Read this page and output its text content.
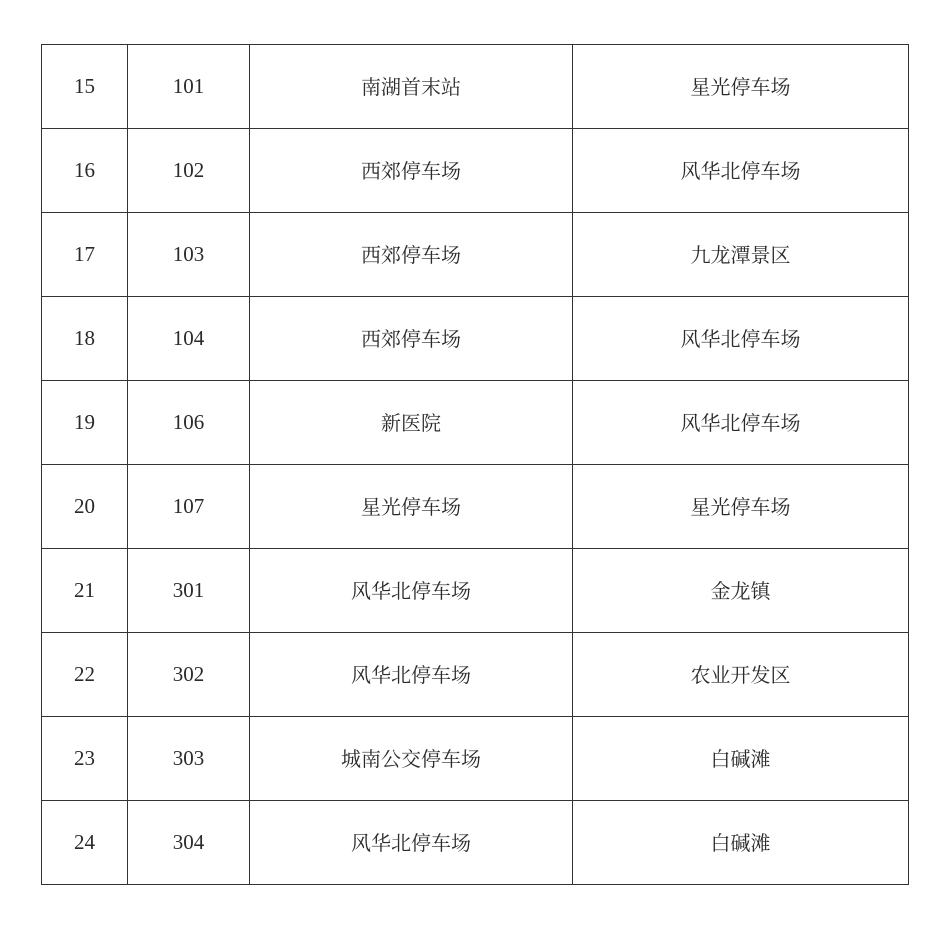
15	101	南湖首末站	星光停车场
16	102	西郊停车场	风华北停车场
17	103	西郊停车场	九龙潭景区
18	104	西郊停车场	风华北停车场
19	106	新医院	风华北停车场
20	107	星光停车场	星光停车场
21	301	风华北停车场	金龙镇
22	302	风华北停车场	农业开发区
23	303	城南公交停车场	白碱滩
24	304	风华北停车场	白碱滩
